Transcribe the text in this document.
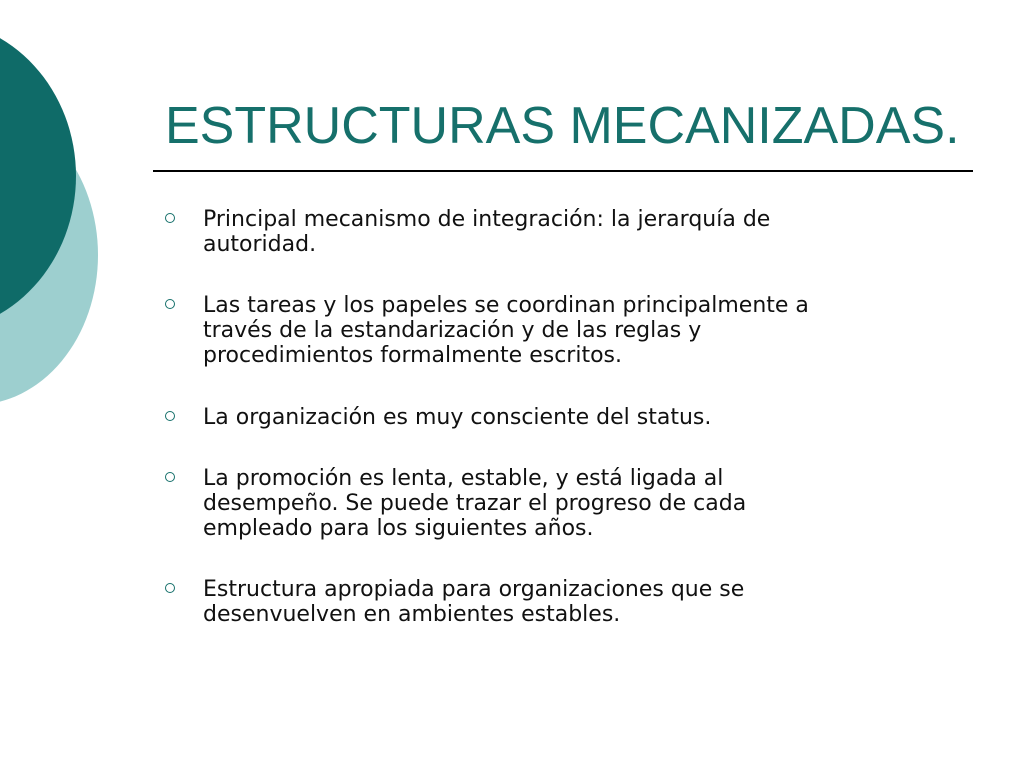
ESTRUCTURAS MECANIZADAS.
Principal mecanismo de integración: la jerarquía de
autoridad.
Las tareas y los papeles se coordinan principalmente a
través de la estandarización y de las reglas y
procedimientos formalmente escritos.
La organización es muy consciente del status.
La promoción es lenta, estable, y está ligada al
desempeño. Se puede trazar el progreso de cada
empleado para los siguientes años.
Estructura apropiada para organizaciones que se
desenvuelven en ambientes estables.
